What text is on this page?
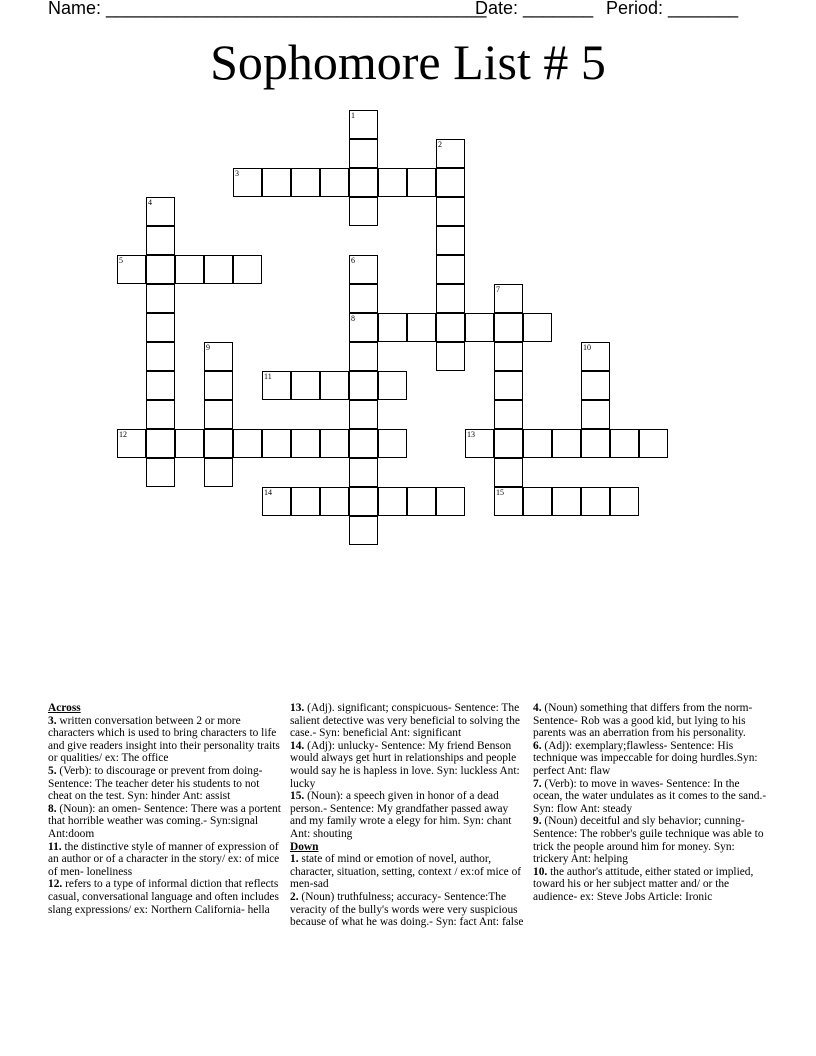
Name: ______________________________________
Date: _______ Period: _______
Sophomore List # 5
1
2
3
4
5	6
8
7
15
9	10
11
12	13
14

Across

3. written conversation between 2 or more characters which is used to bring characters to life and give readers insight into their personality traits or qualities/ ex: The office

5. (Verb): to discourage or prevent from doing- Sentence: The teacher deter his students to not cheat on the test. Syn: hinder Ant: assist

8. (Noun): an omen- Sentence: There was a portent that horrible weather was coming.- Syn:signal Ant:doom

11. the distinctive style of manner of expression of an author or of a character in the story/ ex: of mice of men- loneliness

12. refers to a type of informal diction that reflects casual, conversational language and often includes slang expressions/ ex: Northern California- hella

13. (Adj). significant; conspicuous- Sentence: The salient detective was very beneficial to solving the case.- Syn: beneficial Ant: significant

14. (Adj): unlucky- Sentence: My friend Benson would always get hurt in relationships and people would say he is hapless in love. Syn: luckless Ant: lucky

15. (Noun): a speech given in honor of a dead person.- Sentence: My grandfather passed away and my family wrote a elegy for him. Syn: chant Ant: shouting

Down

1. state of mind or emotion of novel, author, character, situation, setting, context / ex:of mice of men-sad

2. (Noun) truthfulness; accuracy- Sentence:The veracity of the bully's words were very suspicious because of what he was doing.- Syn: fact Ant: false

4. (Noun) something that differs from the norm- Sentence- Rob was a good kid, but lying to his parents was an aberration from his personality.

6. (Adj): exemplary;flawless- Sentence: His technique was impeccable for doing hurdles.Syn: perfect Ant: flaw

7. (Verb): to move in waves- Sentence: In the ocean, the water undulates as it comes to the sand.- Syn: flow Ant: steady

9. (Noun) deceitful and sly behavior; cunning- Sentence: The robber's guile technique was able to trick the people around him for money. Syn: trickery Ant: helping

10. the author's attitude, either stated or implied, toward his or her subject matter and/ or the audience- ex: Steve Jobs Article: Ironic
